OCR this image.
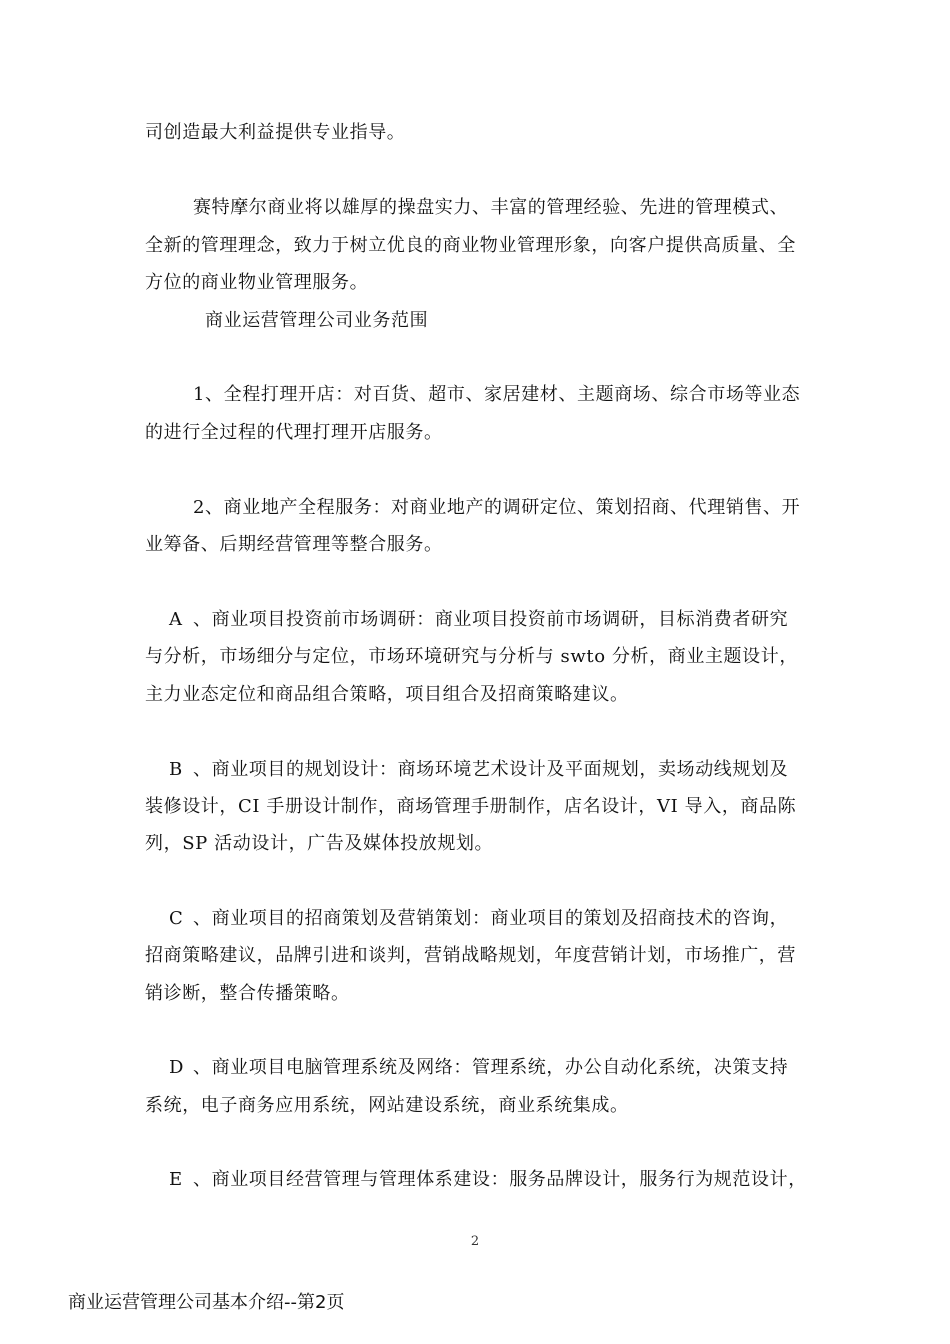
司创造最大利益提供专业指导。
赛特摩尔商业将以雄厚的操盘实力、丰富的管理经验、先进的管理模式、
全新的管理理念，致力于树立优良的商业物业管理形象，向客户提供高质量、全
方位的商业物业管理服务。
商业运营管理公司业务范围
1、全程打理开店：对百货、超市、家居建材、主题商场、综合市场等业态
的进行全过程的代理打理开店服务。
2、商业地产全程服务：对商业地产的调研定位、策划招商、代理销售、开
业筹备、后期经营管理等整合服务。
A 、商业项目投资前市场调研：商业项目投资前市场调研，目标消费者研究
与分析，市场细分与定位，市场环境研究与分析与 swto 分析，商业主题设计，
主力业态定位和商品组合策略，项目组合及招商策略建议。
B 、商业项目的规划设计：商场环境艺术设计及平面规划，卖场动线规划及
装修设计，CI 手册设计制作，商场管理手册制作，店名设计，VI 导入，商品陈
列，SP 活动设计，广告及媒体投放规划。
C 、商业项目的招商策划及营销策划：商业项目的策划及招商技术的咨询，
招商策略建议，品牌引进和谈判，营销战略规划，年度营销计划，市场推广，营
销诊断，整合传播策略。
D 、商业项目电脑管理系统及网络：管理系统，办公自动化系统，决策支持
系统，电子商务应用系统，网站建设系统，商业系统集成。
E 、商业项目经营管理与管理体系建设：服务品牌设计，服务行为规范设计，
2
商业运营管理公司基本介绍--第2页
